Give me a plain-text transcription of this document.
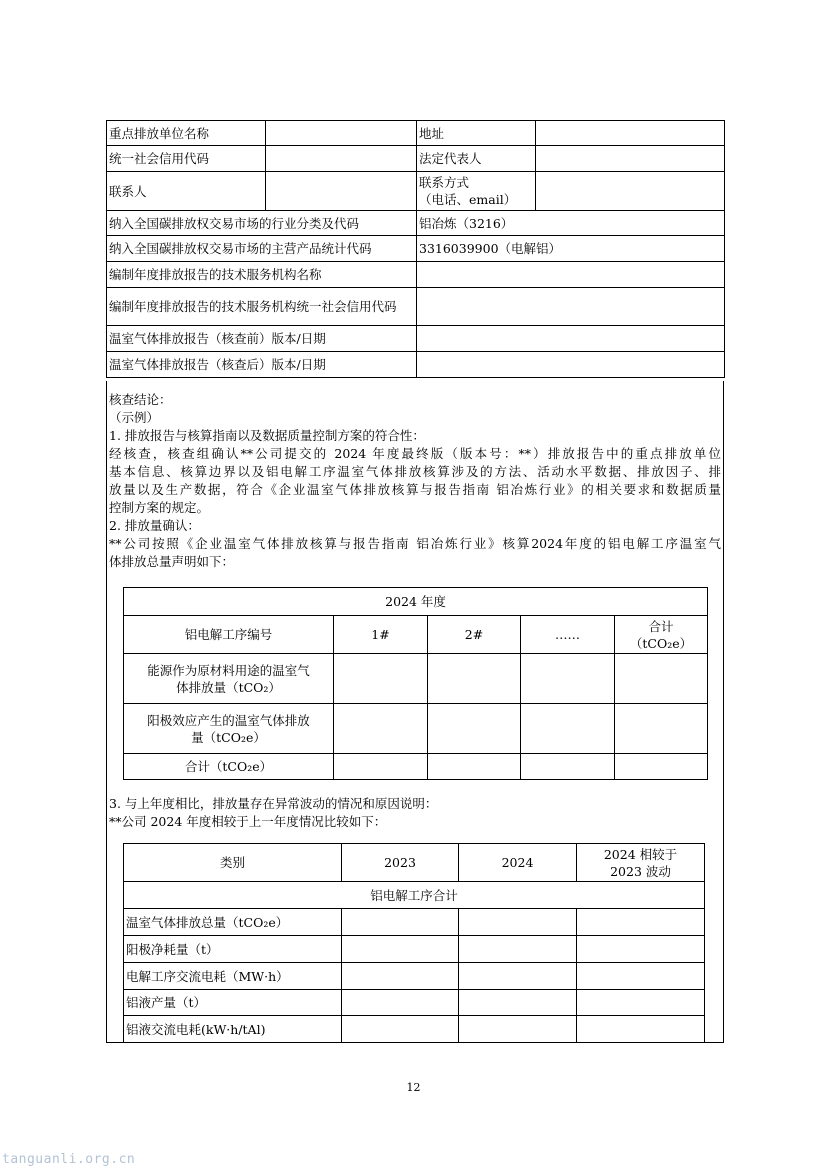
重点排放单位名称		地址	
统一社会信用代码		法定代表人	
联系人		联系方式
（电话、email）	

纳入全国碳排放权交易市场的行业分类及代码		铝冶炼（3216）	
纳入全国碳排放权交易市场的主营产品统计代码		3316039900（电解铝）	
编制年度排放报告的技术服务机构名称			
编制年度排放报告的技术服务机构统一社会信用代码			
温室气体排放报告（核查前）版本/日期			
温室气体排放报告（核查后）版本/日期			
核查结论：
（示例）
1. 排放报告与核算指南以及数据质量控制方案的符合性：
经核查，核查组确认**公司提交的 2024 年度最终版（版本号：**）排放报告中的重点排放单位
基本信息、核算边界以及铝电解工序温室气体排放核算涉及的方法、活动水平数据、排放因子、排
放量以及生产数据，符合《企业温室气体排放核算与报告指南 铝冶炼行业》的相关要求和数据质量
控制方案的规定。
2. 排放量确认：
**公司按照《企业温室气体排放核算与报告指南 铝冶炼行业》核算2024年度的铝电解工序温室气
体排放总量声明如下：
3. 与上年度相比，排放量存在异常波动的情况和原因说明：
**公司 2024 年度相较于上一年度情况比较如下：
2024 年度				
铝电解工序编号	1#	2#	……	合计
（tCO₂e）

能源作为原材料用途的温室气
体排放量（tCO₂）				

阳极效应产生的温室气体排放
量（tCO₂e）				

合计（tCO₂e）				
类别	2023	2024	2024 相较于
2023 波动

铝电解工序合计			
温室气体排放总量（tCO₂e）			
阳极净耗量（t）			
电解工序交流电耗（MW·h）			
铝液产量（t）			
铝液交流电耗(kW·h/tAl)			
12
tanguanli.org.cn
